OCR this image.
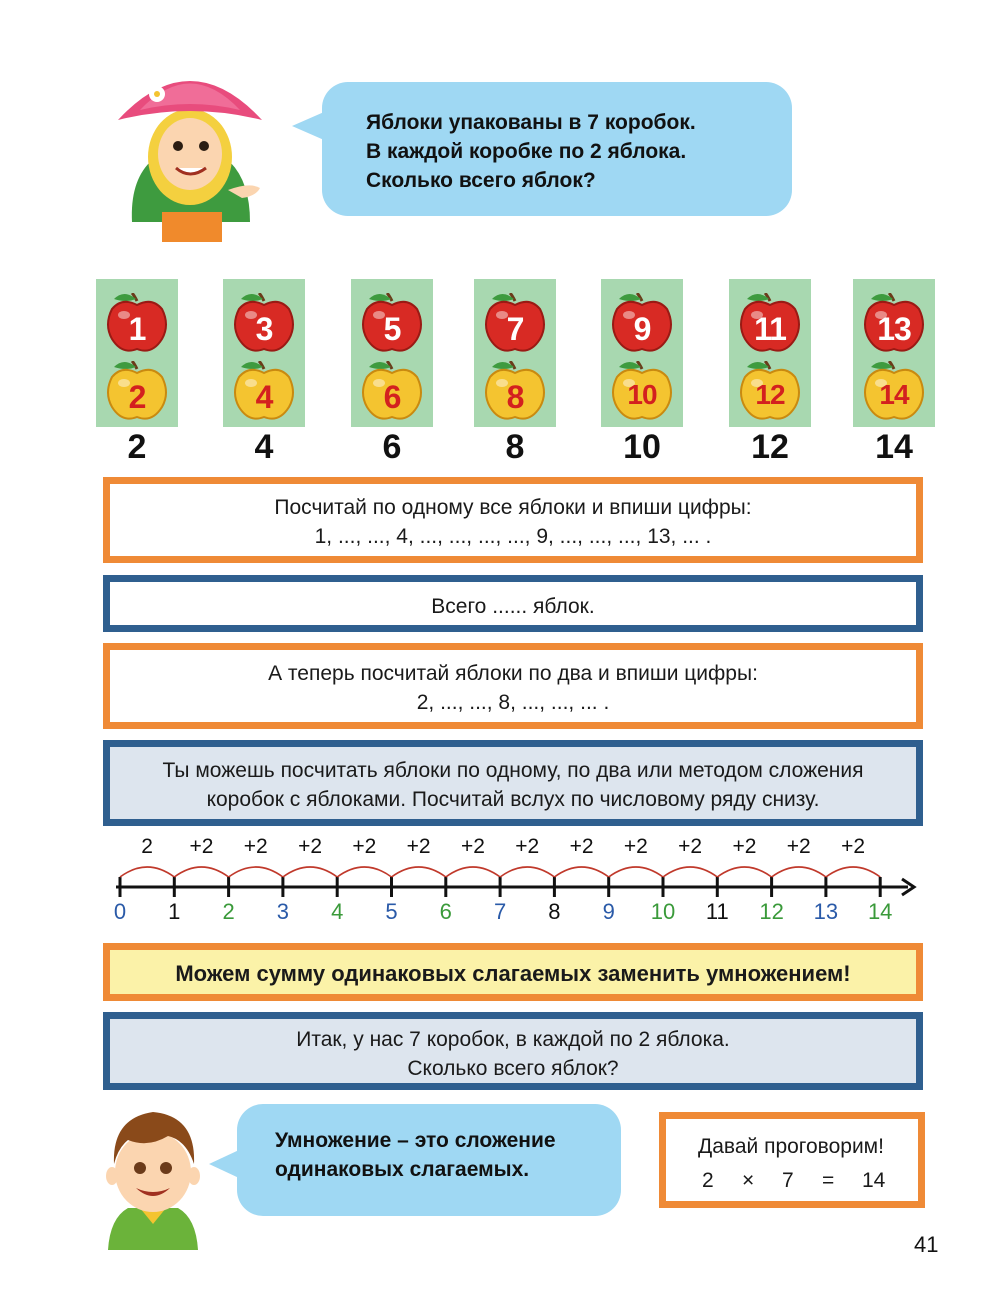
Яблоки упакованы в 7 коробок.
В каждой коробке по 2 яблока.
Сколько всего яблок?
1
2
2
3
4
4
5
6
6
7
8
8
9
10
10
11
12
12
13
14
14
Посчитай по одному все яблоки и впиши цифры:
1, ..., ..., 4, ..., ..., ..., ..., 9, ..., ..., ..., 13, ... .
Всего ...... яблок.
А теперь посчитай яблоки по два и впиши цифры:
2, ..., ..., 8, ..., ..., ... .
Ты можешь посчитать яблоки по одному, по два или методом сложения
коробок с яблоками. Посчитай вслух по числовому ряду снизу.
2
0
+2
1
+2
2
+2
3
+2
4
+2
5
+2
6
+2
7
+2
8
+2
9
+2
10
+2
11
+2
12
+2
13 14
Можем сумму одинаковых слагаемых заменить умножением!
Итак, у нас 7 коробок, в каждой по 2 яблока.
Сколько всего яблок?
Умножение – это сложение
одинаковых слагаемых.
Давай проговорим!
2 × 7 = 14
41
